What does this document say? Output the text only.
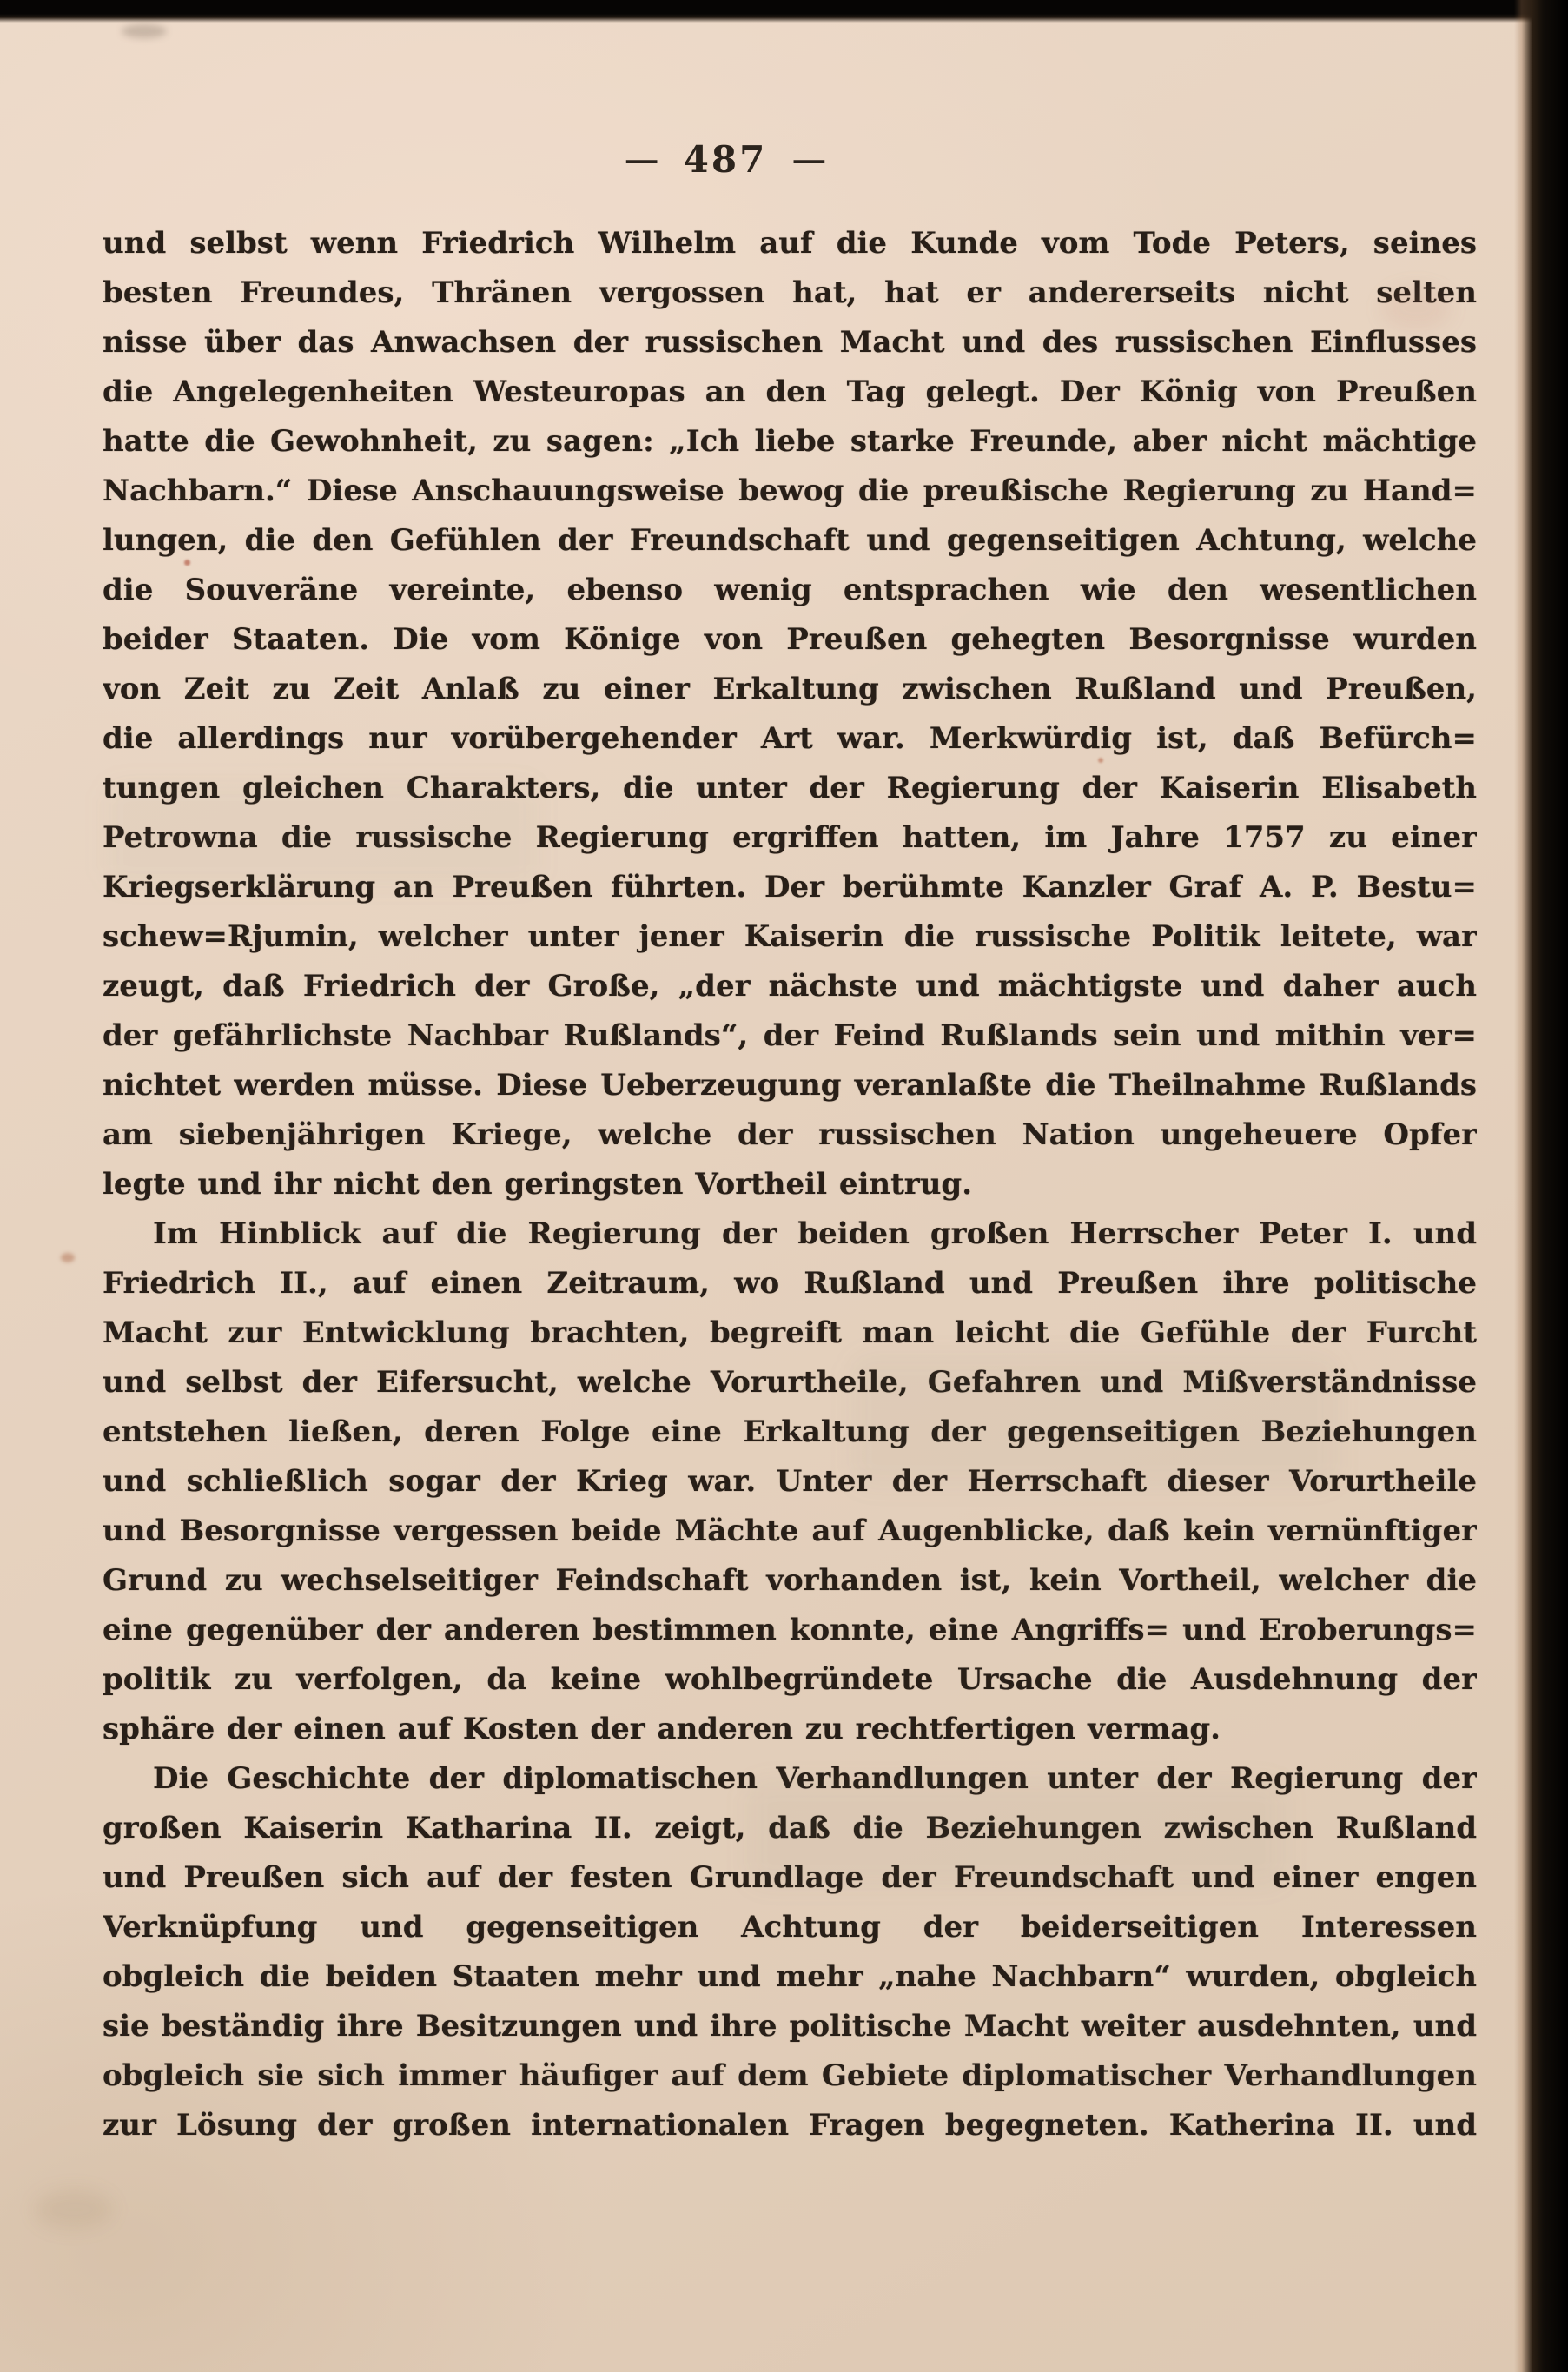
— 487 —
und selbst wenn Friedrich Wilhelm auf die Kunde vom Tode Peters, seines
besten Freundes, Thränen vergossen hat, hat er andererseits nicht selten
nisse über das Anwachsen der russischen Macht und des russischen Einflusses
die Angelegenheiten Westeuropas an den Tag gelegt. Der König von Preußen
hatte die Gewohnheit, zu sagen: „Ich liebe starke Freunde, aber nicht mächtige
Nachbarn.“ Diese Anschauungsweise bewog die preußische Regierung zu Hand=
lungen, die den Gefühlen der Freundschaft und gegenseitigen Achtung, welche
die Souveräne vereinte, ebenso wenig entsprachen wie den wesentlichen
beider Staaten. Die vom Könige von Preußen gehegten Besorgnisse wurden
von Zeit zu Zeit Anlaß zu einer Erkaltung zwischen Rußland und Preußen,
die allerdings nur vorübergehender Art war. Merkwürdig ist, daß Befürch=
tungen gleichen Charakters, die unter der Regierung der Kaiserin Elisabeth
Petrowna die russische Regierung ergriffen hatten, im Jahre 1757 zu einer
Kriegserklärung an Preußen führten. Der berühmte Kanzler Graf A. P. Bestu=
schew=Rjumin, welcher unter jener Kaiserin die russische Politik leitete, war
zeugt, daß Friedrich der Große, „der nächste und mächtigste und daher auch
der gefährlichste Nachbar Rußlands“, der Feind Rußlands sein und mithin ver=
nichtet werden müsse. Diese Ueberzeugung veranlaßte die Theilnahme Rußlands
am siebenjährigen Kriege, welche der russischen Nation ungeheuere Opfer
legte und ihr nicht den geringsten Vortheil eintrug.
Im Hinblick auf die Regierung der beiden großen Herrscher Peter I. und
Friedrich II., auf einen Zeitraum, wo Rußland und Preußen ihre politische
Macht zur Entwicklung brachten, begreift man leicht die Gefühle der Furcht
und selbst der Eifersucht, welche Vorurtheile, Gefahren und Mißverständnisse
entstehen ließen, deren Folge eine Erkaltung der gegenseitigen Beziehungen
und schließlich sogar der Krieg war. Unter der Herrschaft dieser Vorurtheile
und Besorgnisse vergessen beide Mächte auf Augenblicke, daß kein vernünftiger
Grund zu wechselseitiger Feindschaft vorhanden ist, kein Vortheil, welcher die
eine gegenüber der anderen bestimmen konnte, eine Angriffs= und Eroberungs=
politik zu verfolgen, da keine wohlbegründete Ursache die Ausdehnung der
sphäre der einen auf Kosten der anderen zu rechtfertigen vermag.
Die Geschichte der diplomatischen Verhandlungen unter der Regierung der
großen Kaiserin Katharina II. zeigt, daß die Beziehungen zwischen Rußland
und Preußen sich auf der festen Grundlage der Freundschaft und einer engen
Verknüpfung und gegenseitigen Achtung der beiderseitigen Interessen
obgleich die beiden Staaten mehr und mehr „nahe Nachbarn“ wurden, obgleich
sie beständig ihre Besitzungen und ihre politische Macht weiter ausdehnten, und
obgleich sie sich immer häufiger auf dem Gebiete diplomatischer Verhandlungen
zur Lösung der großen internationalen Fragen begegneten. Katherina II. und
